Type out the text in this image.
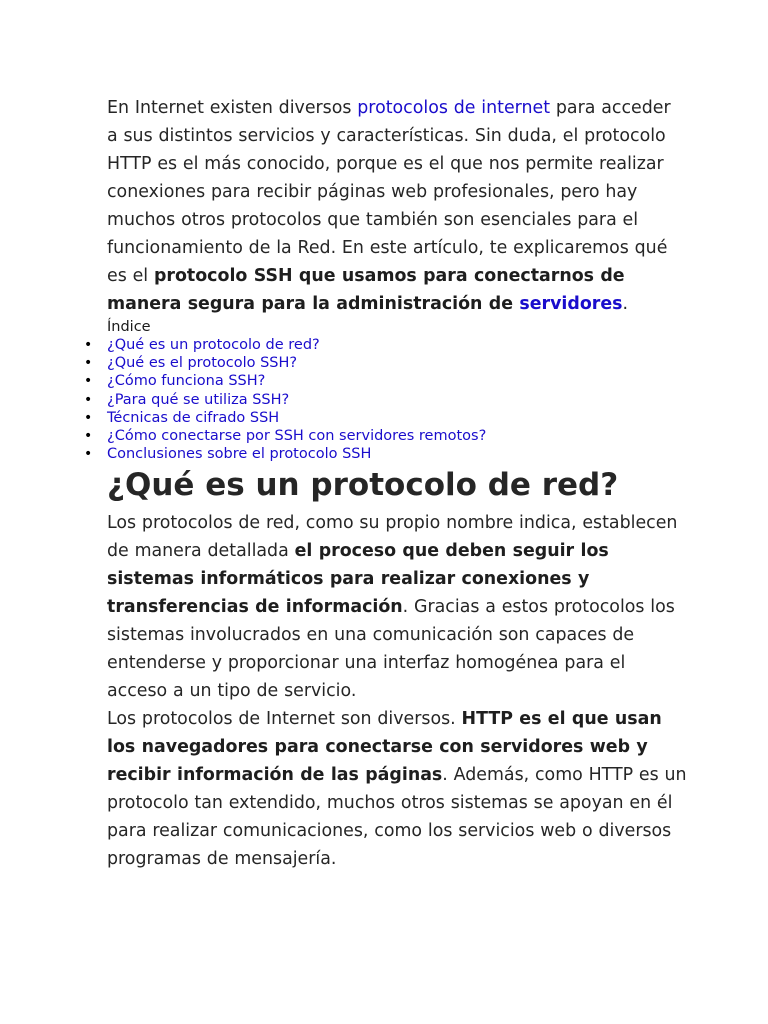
En Internet existen diversos protocolos de internet para acceder a sus distintos servicios y características. Sin duda, el protocolo HTTP es el más conocido, porque es el que nos permite realizar conexiones para recibir páginas web profesionales, pero hay muchos otros protocolos que también son esenciales para el funcionamiento de la Red. En este artículo, te explicaremos qué es el protocolo SSH que usamos para conectarnos de manera segura para la administración de servidores.

Índice

• ¿Qué es un protocolo de red?
• ¿Qué es el protocolo SSH?
• ¿Cómo funciona SSH?
• ¿Para qué se utiliza SSH?
• Técnicas de cifrado SSH
• ¿Cómo conectarse por SSH con servidores remotos?
• Conclusiones sobre el protocolo SSH
¿Qué es un protocolo de red?

Los protocolos de red, como su propio nombre indica, establecen de manera detallada el proceso que deben seguir los sistemas informáticos para realizar conexiones y transferencias de información. Gracias a estos protocolos los sistemas involucrados en una comunicación son capaces de entenderse y proporcionar una interfaz homogénea para el acceso a un tipo de servicio.

Los protocolos de Internet son diversos. HTTP es el que usan los navegadores para conectarse con servidores web y recibir información de las páginas. Además, como HTTP es un protocolo tan extendido, muchos otros sistemas se apoyan en él para realizar comunicaciones, como los servicios web o diversos programas de mensajería.
